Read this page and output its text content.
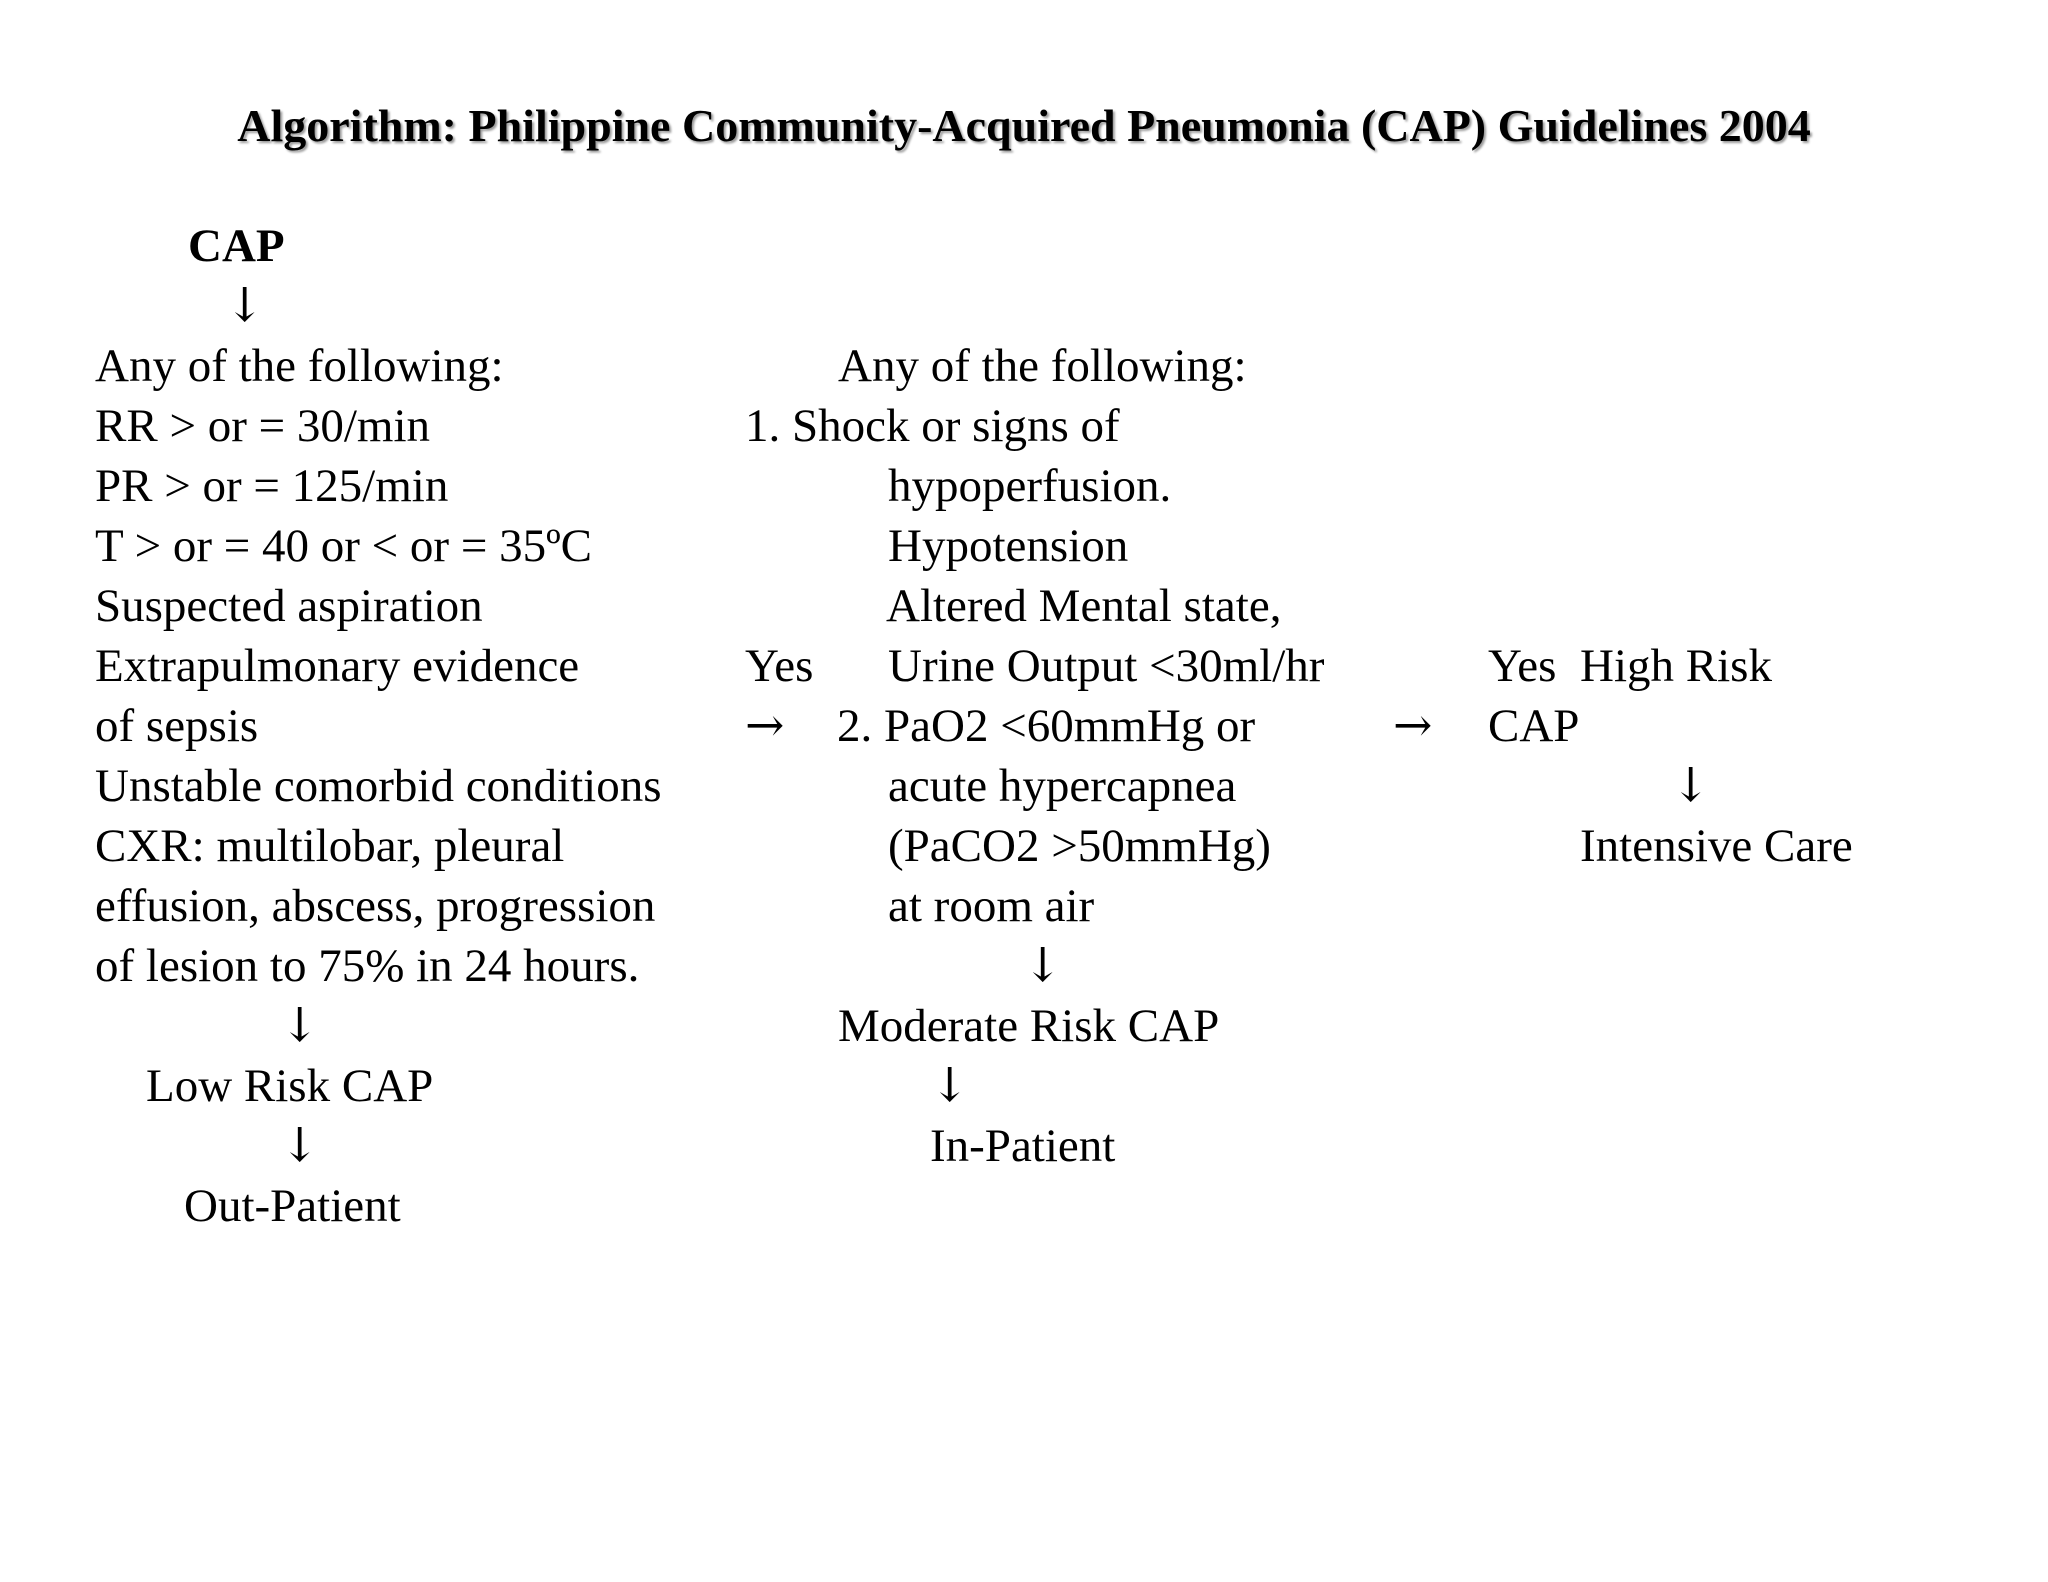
Algorithm: Philippine Community-Acquired Pneumonia (CAP) Guidelines 2004
CAP
↓
Any of the following:
RR > or = 30/min
PR > or = 125/min
T > or = 40 or < or = 35ºC
Suspected aspiration
Extrapulmonary evidence
of sepsis
Unstable comorbid conditions
CXR: multilobar, pleural
effusion, abscess, progression
of lesion to 75% in 24 hours.
↓
Low Risk CAP
↓
Out-Patient
Yes
→
Any of the following:
1. Shock or signs of
hypoperfusion.
Hypotension
Altered Mental state,
Urine Output <30ml/hr
2. PaO2 <60mmHg or
acute hypercapnea
(PaCO2 >50mmHg)
at room air
↓
Moderate Risk CAP
↓
In-Patient
→
Yes High Risk
CAP
↓
Intensive Care
